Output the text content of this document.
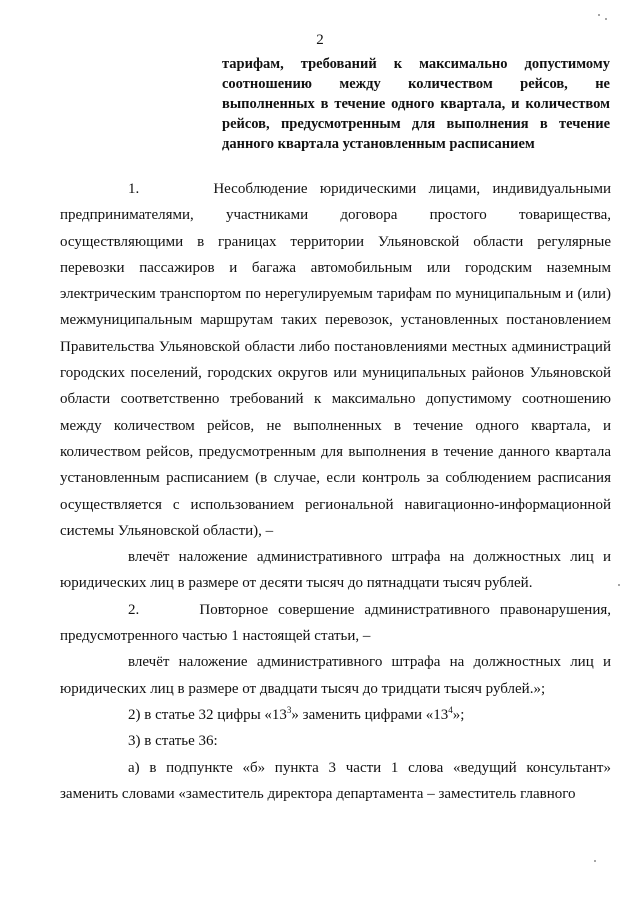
2
тарифам, требований к максимально допустимому соотношению между количеством рейсов, не выполненных в течение одного квартала, и количеством рейсов, предусмотренным для выполнения в течение данного квартала установленным расписанием

1.      Несоблюдение юридическими лицами, индивидуальными предпринимателями, участниками договора простого товарищества, осуществляющими в границах территории Ульяновской области регулярные перевозки пассажиров и багажа автомобильным или городским наземным электрическим транспортом по нерегулируемым тарифам по муниципальным и (или) межмуниципальным маршрутам таких перевозок, установленных постановлением Правительства Ульяновской области либо постановлениями местных администраций городских поселений, городских округов или муниципальных районов Ульяновской области соответственно требований к максимально допустимому соотношению между количеством рейсов, не выполненных в течение одного квартала, и количеством рейсов, предусмотренным для выполнения в течение данного квартала установленным расписанием (в случае, если контроль за соблюдением расписания осуществляется с использованием региональной навигационно-информационной системы Ульяновской области), –

влечёт наложение административного штрафа на должностных лиц и юридических лиц в размере от десяти тысяч до пятнадцати тысяч рублей.

2.      Повторное совершение административного правонарушения, предусмотренного частью 1 настоящей статьи, –

влечёт наложение административного штрафа на должностных лиц и юридических лиц в размере от двадцати тысяч до тридцати тысяч рублей.»;

2) в статье 32 цифры «$13^3$» заменить цифрами «$13^4$»;

3) в статье 36:

а) в подпункте «б» пункта 3 части 1 слова «ведущий консультант» заменить словами «заместитель директора департамента – заместитель главного
